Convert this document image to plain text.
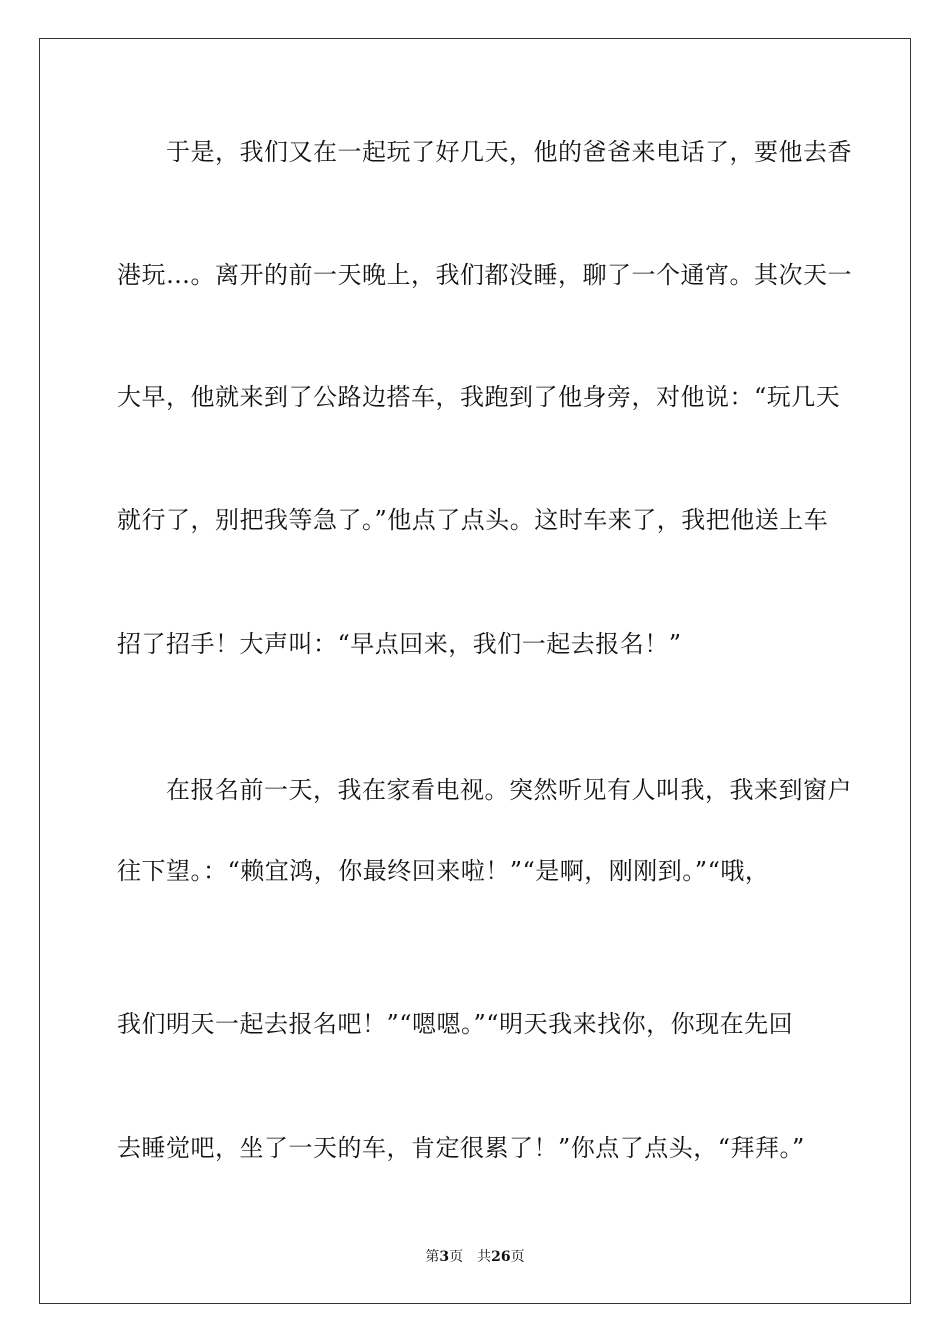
　　于是，我们又在一起玩了好几天，他的爸爸来电话了，要他去香
港玩…。离开的前一天晚上，我们都没睡，聊了一个通宵。其次天一
大早，他就来到了公路边搭车，我跑到了他身旁，对他说：“玩几天
就行了，别把我等急了。”他点了点头。这时车来了，我把他送上车
招了招手！大声叫：“早点回来，我们一起去报名！”
　　在报名前一天，我在家看电视。突然听见有人叫我，我来到窗户
往下望。：“赖宜鸿，你最终回来啦！”“是啊，刚刚到。”“哦，
我们明天一起去报名吧！”“嗯嗯。”“明天我来找你，你现在先回
去睡觉吧，坐了一天的车，肯定很累了！”你点了点头，“拜拜。”
第3页 共26页
